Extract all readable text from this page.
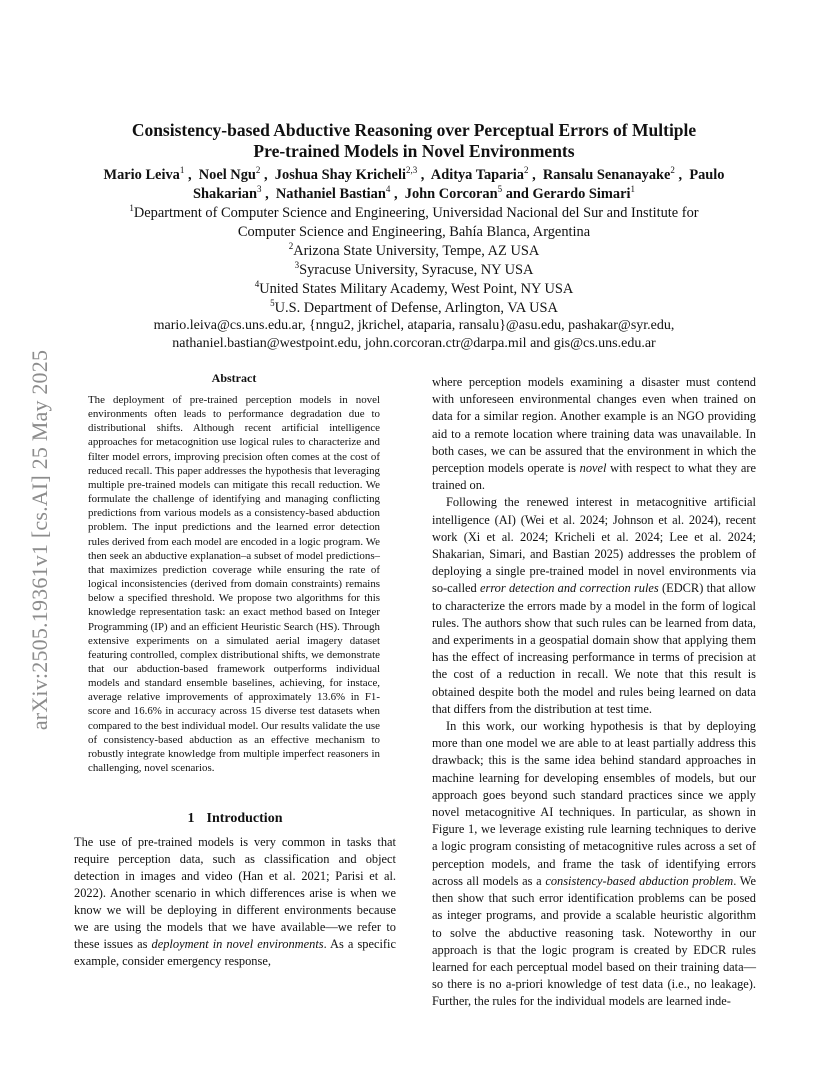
arXiv:2505.19361v1 [cs.AI] 25 May 2025
Consistency-based Abductive Reasoning over Perceptual Errors of Multiple
Pre-trained Models in Novel Environments
Mario Leiva$^1$ ,  Noel Ngu$^2$ ,  Joshua Shay Kricheli$^{2,3}$ ,  Aditya Taparia$^2$ ,  Ransalu Senanayake$^2$ ,  Paulo Shakarian$^3$ ,  Nathaniel Bastian$^4$ ,  John Corcoran$^5$ and Gerardo Simari$^1$
$^1$Department of Computer Science and Engineering, Universidad Nacional del Sur and Institute for
Computer Science and Engineering, Bahía Blanca, Argentina
$^2$Arizona State University, Tempe, AZ USA
$^3$Syracuse University, Syracuse, NY USA
$^4$United States Military Academy, West Point, NY USA
$^5$U.S. Department of Defense, Arlington, VA USA
mario.leiva@cs.uns.edu.ar, {nngu2, jkrichel, ataparia, ransalu}@asu.edu, pashakar@syr.edu,
nathaniel.bastian@westpoint.edu, john.corcoran.ctr@darpa.mil and gis@cs.uns.edu.ar
Abstract
The deployment of pre-trained perception models in novel environments often leads to performance degradation due to distributional shifts. Although recent artificial intelligence approaches for metacognition use logical rules to characterize and filter model errors, improving precision often comes at the cost of reduced recall. This paper addresses the hypothesis that leveraging multiple pre-trained models can mitigate this recall reduction. We formulate the challenge of identifying and managing conflicting predictions from various models as a consistency-based abduction problem. The input predictions and the learned error detection rules derived from each model are encoded in a logic program. We then seek an abductive explanation–a subset of model predictions–that maximizes prediction coverage while ensuring the rate of logical inconsistencies (derived from domain constraints) remains below a specified threshold. We propose two algorithms for this knowledge representation task: an exact method based on Integer Programming (IP) and an efficient Heuristic Search (HS). Through extensive experiments on a simulated aerial imagery dataset featuring controlled, complex distributional shifts, we demonstrate that our abduction-based framework outperforms individual models and standard ensemble baselines, achieving, for instace, average relative improvements of approximately 13.6% in F1-score and 16.6% in accuracy across 15 diverse test datasets when compared to the best individual model. Our results validate the use of consistency-based abduction as an effective mechanism to robustly integrate knowledge from multiple imperfect reasoners in challenging, novel scenarios.
1 Introduction
The use of pre-trained models is very common in tasks that require perception data, such as classification and object detection in images and video (Han et al. 2021; Parisi et al. 2022). Another scenario in which differences arise is when we know we will be deploying in different environments because we are using the models that we have available—we refer to these issues as deployment in novel environments. As a specific example, consider emergency response,

where perception models examining a disaster must contend with unforeseen environmental changes even when trained on data for a similar region. Another example is an NGO providing aid to a remote location where training data was unavailable. In both cases, we can be assured that the environment in which the perception models operate is novel with respect to what they are trained on.

Following the renewed interest in metacognitive artificial intelligence (AI) (Wei et al. 2024; Johnson et al. 2024), recent work (Xi et al. 2024; Kricheli et al. 2024; Lee et al. 2024; Shakarian, Simari, and Bastian 2025) addresses the problem of deploying a single pre-trained model in novel environments via so-called error detection and correction rules (EDCR) that allow to characterize the errors made by a model in the form of logical rules. The authors show that such rules can be learned from data, and experiments in a geospatial domain show that applying them has the effect of increasing performance in terms of precision at the cost of a reduction in recall. We note that this result is obtained despite both the model and rules being learned on data that differs from the distribution at test time.

In this work, our working hypothesis is that by deploying more than one model we are able to at least partially address this drawback; this is the same idea behind standard approaches in machine learning for developing ensembles of models, but our approach goes beyond such standard practices since we apply novel metacognitive AI techniques. In particular, as shown in Figure 1, we leverage existing rule learning techniques to derive a logic program consisting of metacognitive rules across a set of perception models, and frame the task of identifying errors across all models as a consistency-based abduction problem. We then show that such error identification problems can be posed as integer programs, and provide a scalable heuristic algorithm to solve the abductive reasoning task. Noteworthy in our approach is that the logic program is created by EDCR rules learned for each perceptual model based on their training data—so there is no a-priori knowledge of test data (i.e., no leakage). Further, the rules for the individual models are learned inde-
